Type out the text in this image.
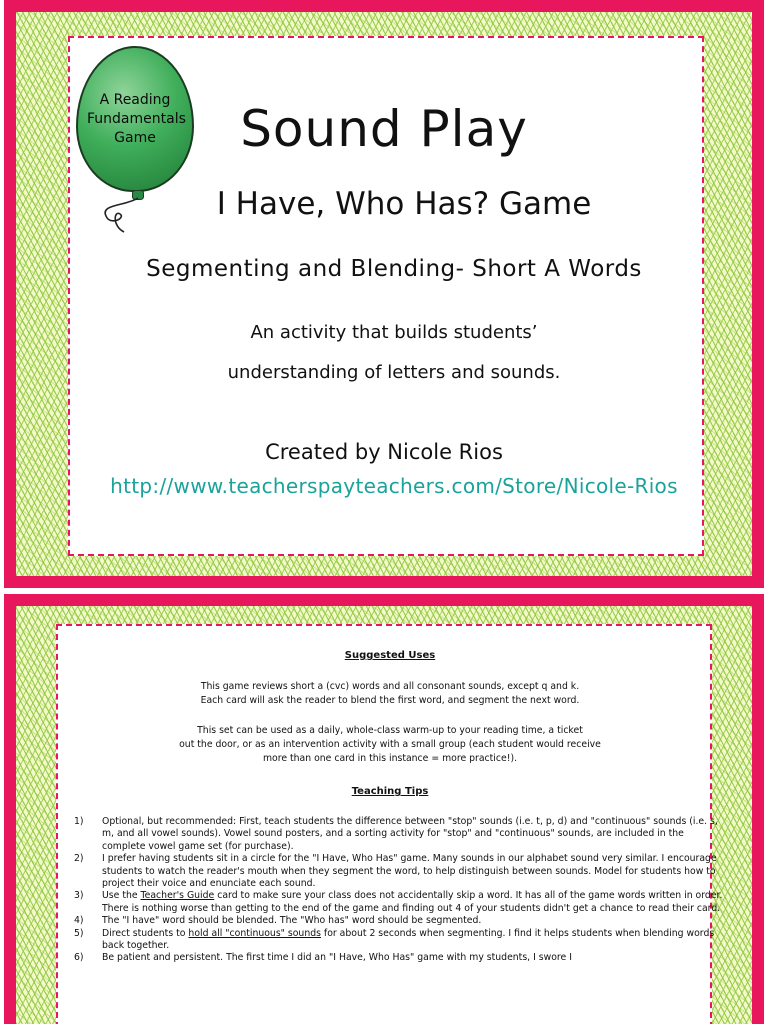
A Reading Fundamentals Game	Sound Play
I Have, Who Has? Game
Segmenting and Blending- Short A Words
An activity that builds students’
understanding of letters and sounds.
Created by Nicole Rios
http://www.teacherspayteachers.com/Store/Nicole-Rios
Suggested Uses
This game reviews short a (cvc) words and all consonant sounds, except q and k.
Each card will ask the reader to blend the first word, and segment the next word.
This set can be used as a daily, whole-class warm-up to your reading time, a ticket
out the door, or as an intervention activity with a small group (each student would receive
more than one card in this instance = more practice!).
Teaching Tips
1)	Optional, but recommended: First, teach students the difference between "stop" sounds (i.e. t, p, d) and "continuous" sounds (i.e. s, m, and all vowel sounds). Vowel sound posters, and a sorting activity for "stop" and "continuous" sounds, are included in the complete vowel game set (for purchase).
2)	I prefer having students sit in a circle for the "I Have, Who Has" game. Many sounds in our alphabet sound very similar. I encourage students to watch the reader's mouth when they segment the word, to help distinguish between sounds. Model for students how to project their voice and enunciate each sound.
3)	Use the Teacher's Guide card to make sure your class does not accidentally skip a word. It has all of the game words written in order. There is nothing worse than getting to the end of the game and finding out 4 of your students didn't get a chance to read their card.
4)	The "I have" word should be blended. The "Who has" word should be segmented.
5)	Direct students to hold all "continuous" sounds for about 2 seconds when segmenting. I find it helps students when blending words back together.
6)	Be patient and persistent. The first time I did an "I Have, Who Has" game with my students, I swore I
